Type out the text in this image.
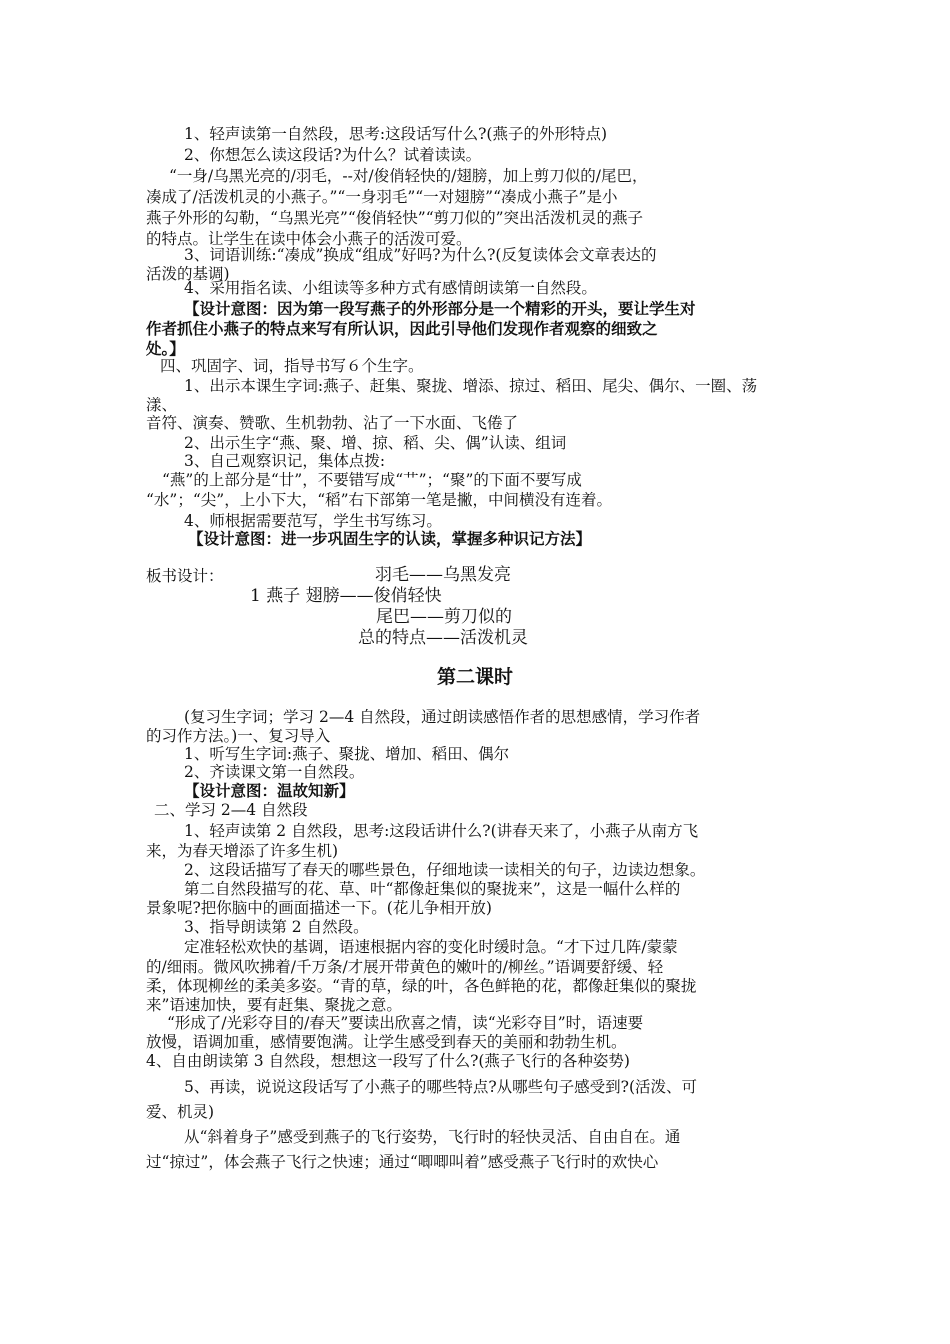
1、轻声读第一自然段，思考:这段话写什么?(燕子的外形特点)
2、你想怎么读这段话?为什么？试着读读。
“一身/乌黑光亮的/羽毛，--对/俊俏轻快的/翅膀，加上剪刀似的/尾巴，
凑成了/活泼机灵的小燕子。”“一身羽毛”“一对翅膀”“凑成小燕子”是小
燕子外形的勾勒，“乌黑光亮”“俊俏轻快”“剪刀似的”突出活泼机灵的燕子
的特点。让学生在读中体会小燕子的活泼可爱。
3、词语训练:“凑成”换成“组成”好吗?为什么?(反复读体会文章表达的
活泼的基调)
4、采用指名读、小组读等多种方式有感情朗读第一自然段。
【设计意图：因为第一段写燕子的外形部分是一个精彩的开头，要让学生对
作者抓住小燕子的特点来写有所认识，因此引导他们发现作者观察的细致之
处。】
四、巩固字、词，指导书写６个生字。
1、出示本课生字词:燕子、赶集、聚拢、增添、掠过、稻田、尾尖、偶尔、一圈、荡
漾、
音符、演奏、赞歌、生机勃勃、沾了一下水面、飞倦了
2、出示生字“燕、聚、增、掠、稻、尖、偶”认读、组词
3、自己观察识记，集体点拨:
“燕”的上部分是“廿”，不要错写成“艹”；“聚”的下面不要写成
“水”；“尖”，上小下大，“稻”右下部第一笔是撇，中间横没有连着。
4、师根据需要范写，学生书写练习。
【设计意图：进一步巩固生字的认读，掌握多种识记方法】
板书设计：	羽毛——乌黑发亮
1 燕子 翅膀——俊俏轻快
尾巴——剪刀似的
总的特点——活泼机灵
第二课时
(复习生字词；学习 2—4 自然段，通过朗读感悟作者的思想感情，学习作者
的习作方法。)一、复习导入
1、听写生字词:燕子、聚拢、增加、稻田、偶尔
2、齐读课文第一自然段。
【设计意图：温故知新】
二、学习 2—4 自然段
1、轻声读第 2 自然段，思考:这段话讲什么?(讲春天来了，小燕子从南方飞
来，为春天增添了许多生机)
2、这段话描写了春天的哪些景色，仔细地读一读相关的句子，边读边想象。
第二自然段描写的花、草、叶“都像赶集似的聚拢来”，这是一幅什么样的
景象呢?把你脑中的画面描述一下。(花儿争相开放)
3、指导朗读第 2 自然段。
定准轻松欢快的基调，语速根据内容的变化时缓时急。“才下过几阵/蒙蒙
的/细雨。微风吹拂着/千万条/才展开带黄色的嫩叶的/柳丝。”语调要舒缓、轻
柔，体现柳丝的柔美多姿。“青的草，绿的叶，各色鲜艳的花，都像赶集似的聚拢
来”语速加快，要有赶集、聚拢之意。
“形成了/光彩夺目的/春天”要读出欣喜之情，读“光彩夺目”时，语速要
放慢，语调加重，感情要饱满。让学生感受到春天的美丽和勃勃生机。
4、自由朗读第 3 自然段，想想这一段写了什么?(燕子飞行的各种姿势)
5、再读，说说这段话写了小燕子的哪些特点?从哪些句子感受到?(活泼、可
爱、机灵)
从“斜着身子”感受到燕子的飞行姿势，飞行时的轻快灵活、自由自在。通
过“掠过”，体会燕子飞行之快速；通过“唧唧叫着”感受燕子飞行时的欢快心
